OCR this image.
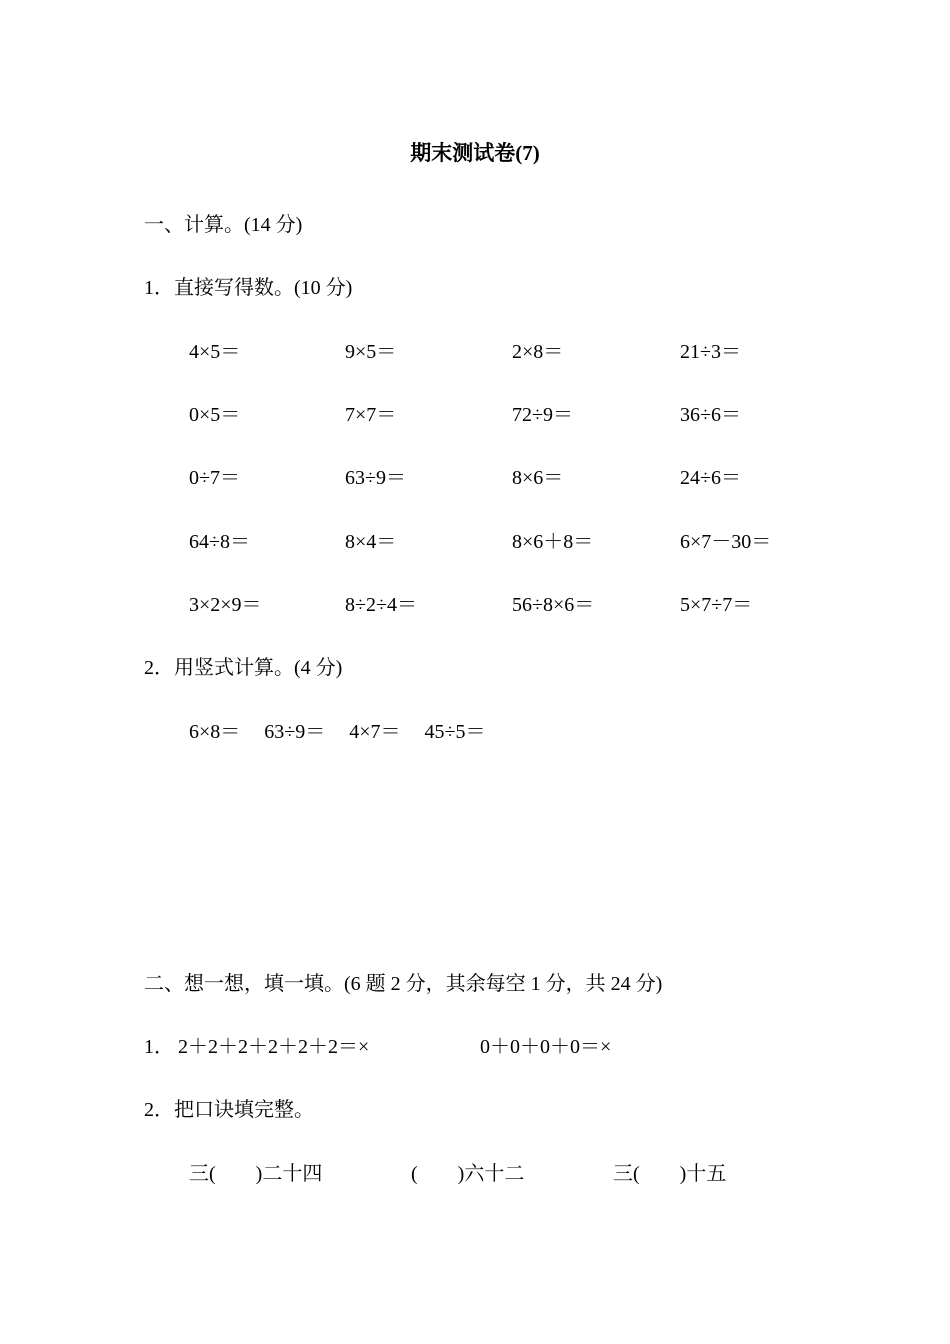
期末测试卷(7)
一、计算。(14 分)
1．直接写得数。(10 分)
4×5＝	9×5＝	2×8＝	21÷3＝
0×5＝	7×7＝	72÷9＝	36÷6＝
0÷7＝	63÷9＝	8×6＝	24÷6＝
64÷8＝	8×4＝	8×6＋8＝	6×7－30＝
3×2×9＝	8÷2÷4＝	56÷8×6＝	5×7÷7＝
2．用竖式计算。(4 分)
6×8＝ 63÷9＝ 4×7＝ 45÷5＝
二、想一想，填一填。(6 题 2 分，其余每空 1 分，共 24 分)
1． 2＋2＋2＋2＋2＋2＝×	0＋0＋0＋0＝×
2．把口诀填完整。
三(　　)二十四	(　　)六十二	三(　　)十五
